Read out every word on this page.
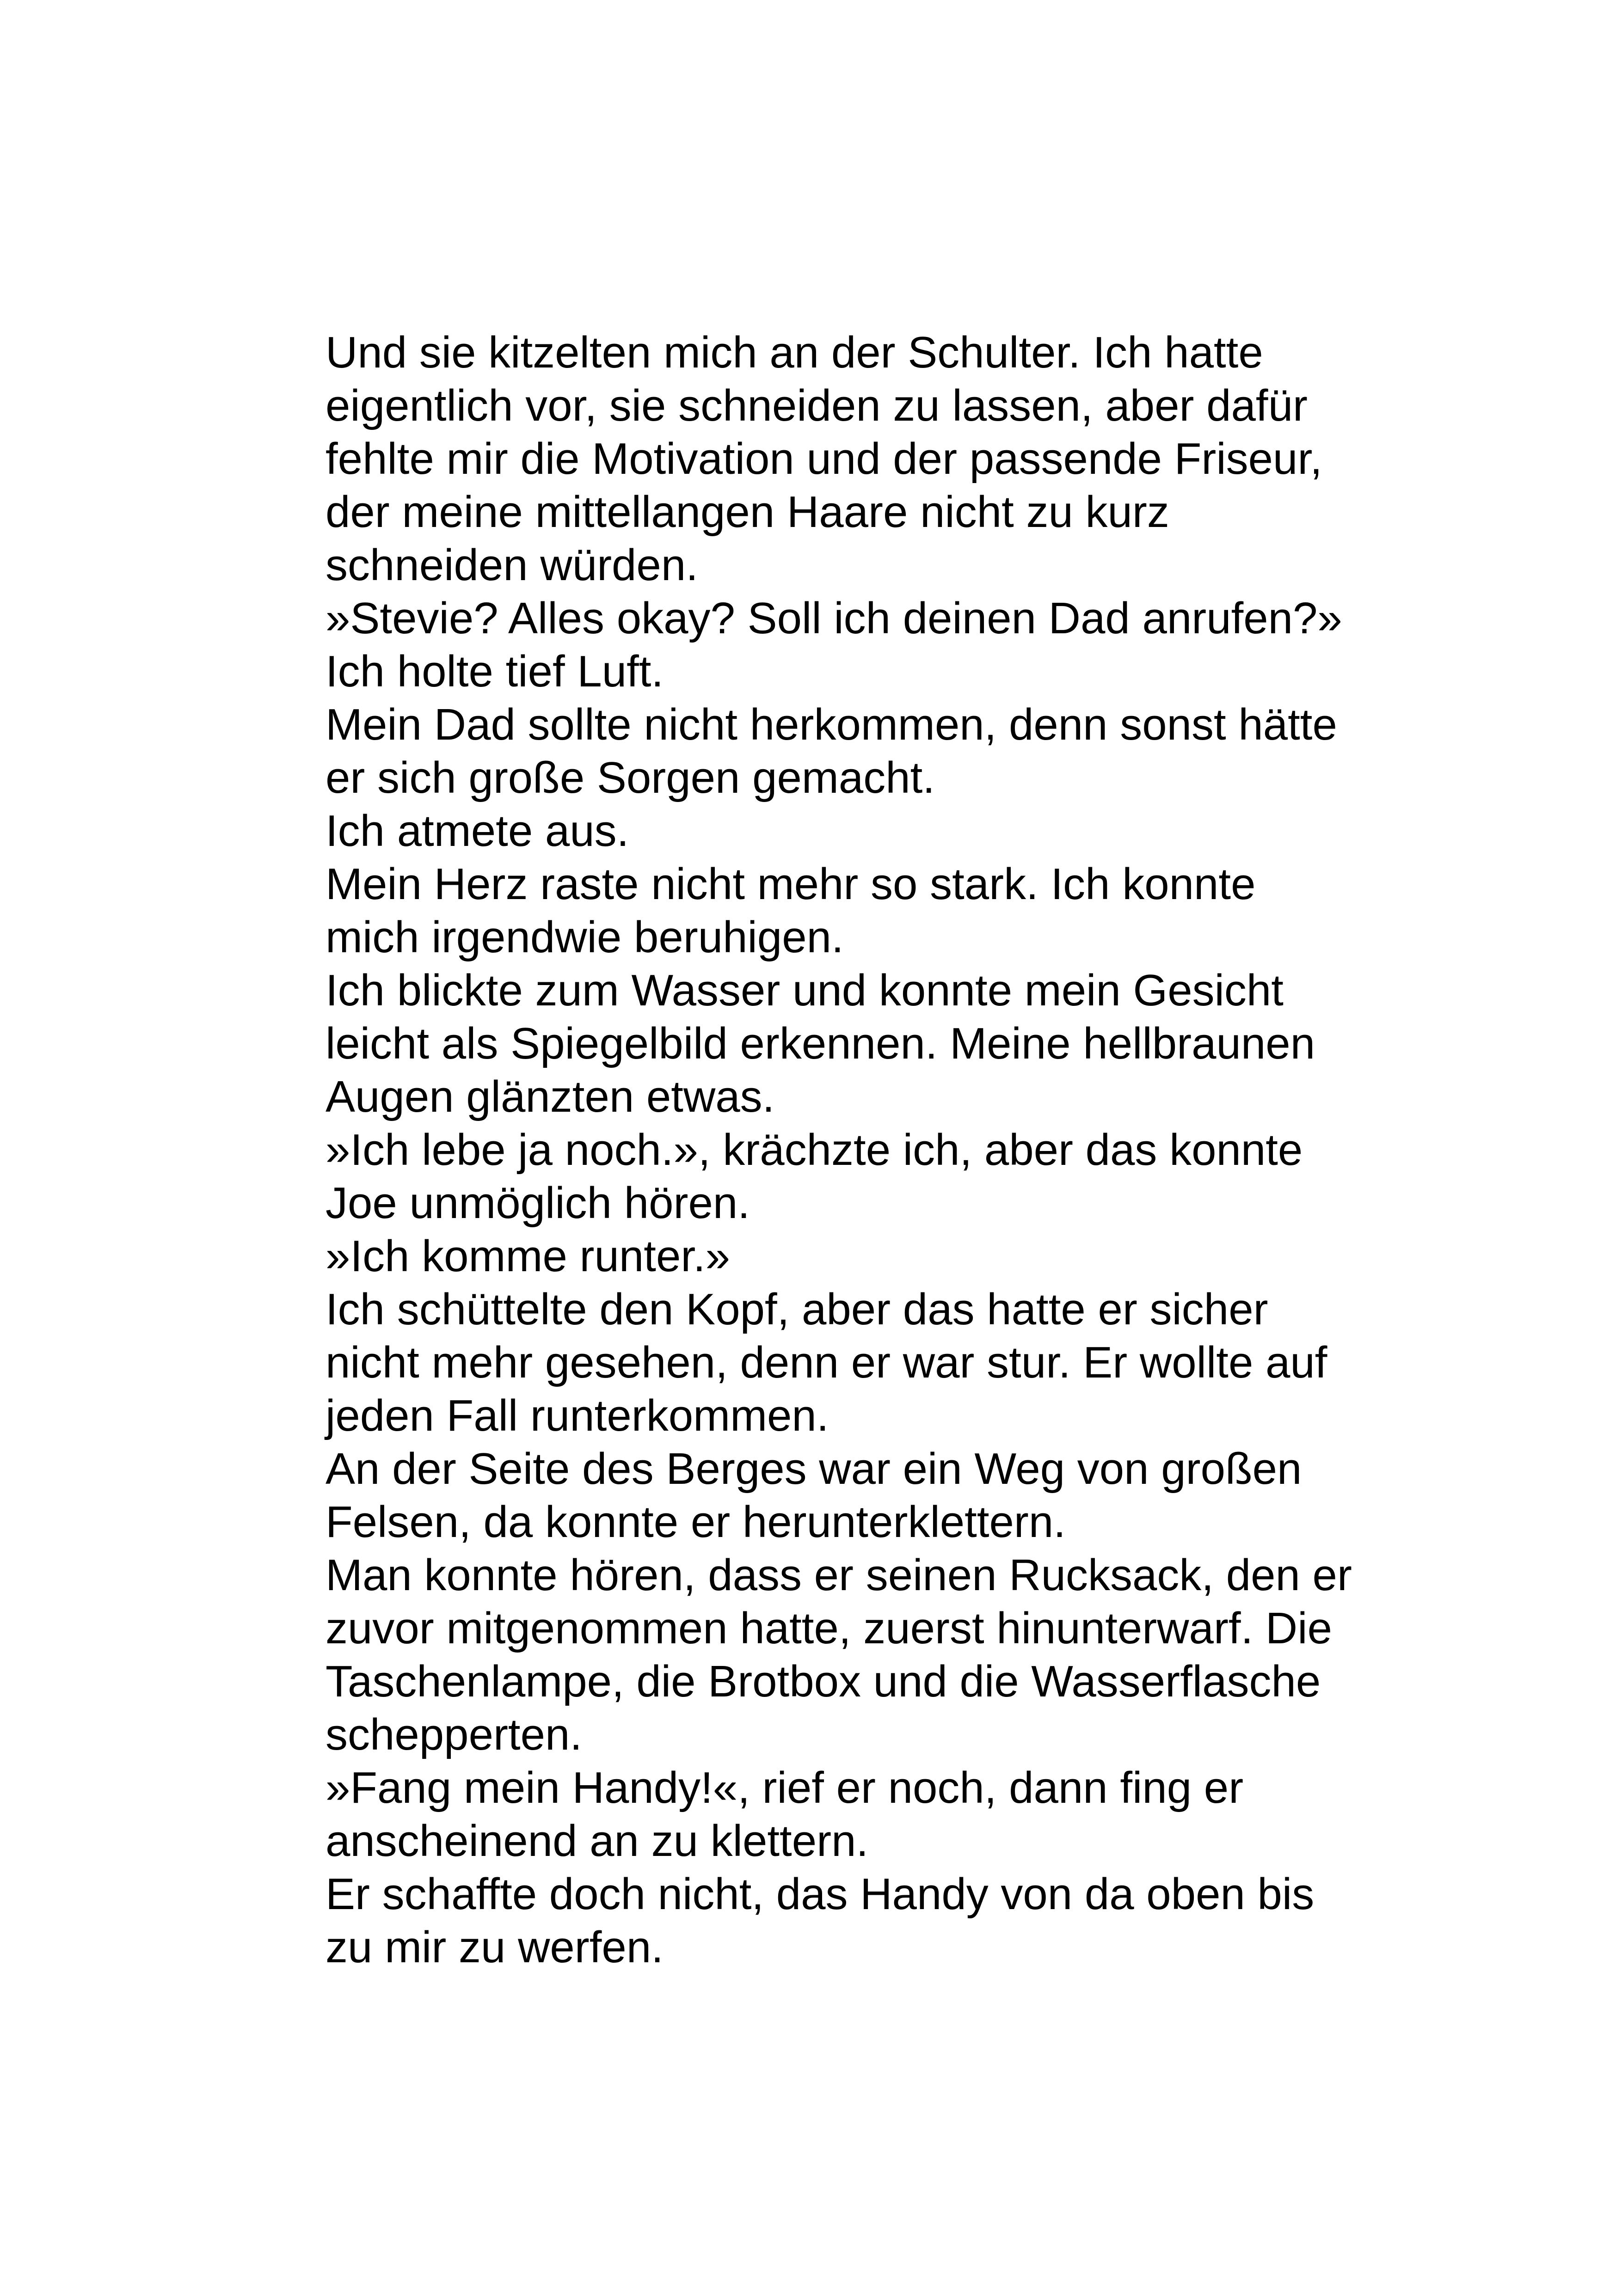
Und sie kitzelten mich an der Schulter. Ich hatte
eigentlich vor, sie schneiden zu lassen, aber dafür
fehlte mir die Motivation und der passende Friseur,
der meine mittellangen Haare nicht zu kurz
schneiden würden.

»Stevie? Alles okay? Soll ich deinen Dad anrufen?»

Ich holte tief Luft.

Mein Dad sollte nicht herkommen, denn sonst hätte
er sich große Sorgen gemacht.

Ich atmete aus.

Mein Herz raste nicht mehr so stark. Ich konnte
mich irgendwie beruhigen.

Ich blickte zum Wasser und konnte mein Gesicht
leicht als Spiegelbild erkennen. Meine hellbraunen
Augen glänzten etwas.

»Ich lebe ja noch.», krächzte ich, aber das konnte
Joe unmöglich hören.

»Ich komme runter.»

Ich schüttelte den Kopf, aber das hatte er sicher
nicht mehr gesehen, denn er war stur. Er wollte auf
jeden Fall runterkommen.

An der Seite des Berges war ein Weg von großen
Felsen, da konnte er herunterklettern.

Man konnte hören, dass er seinen Rucksack, den er
zuvor mitgenommen hatte, zuerst hinunterwarf. Die
Taschenlampe, die Brotbox und die Wasserflasche
schepperten.

»Fang mein Handy!«, rief er noch, dann fing er
anscheinend an zu klettern.

Er schaffte doch nicht, das Handy von da oben bis
zu mir zu werfen.
